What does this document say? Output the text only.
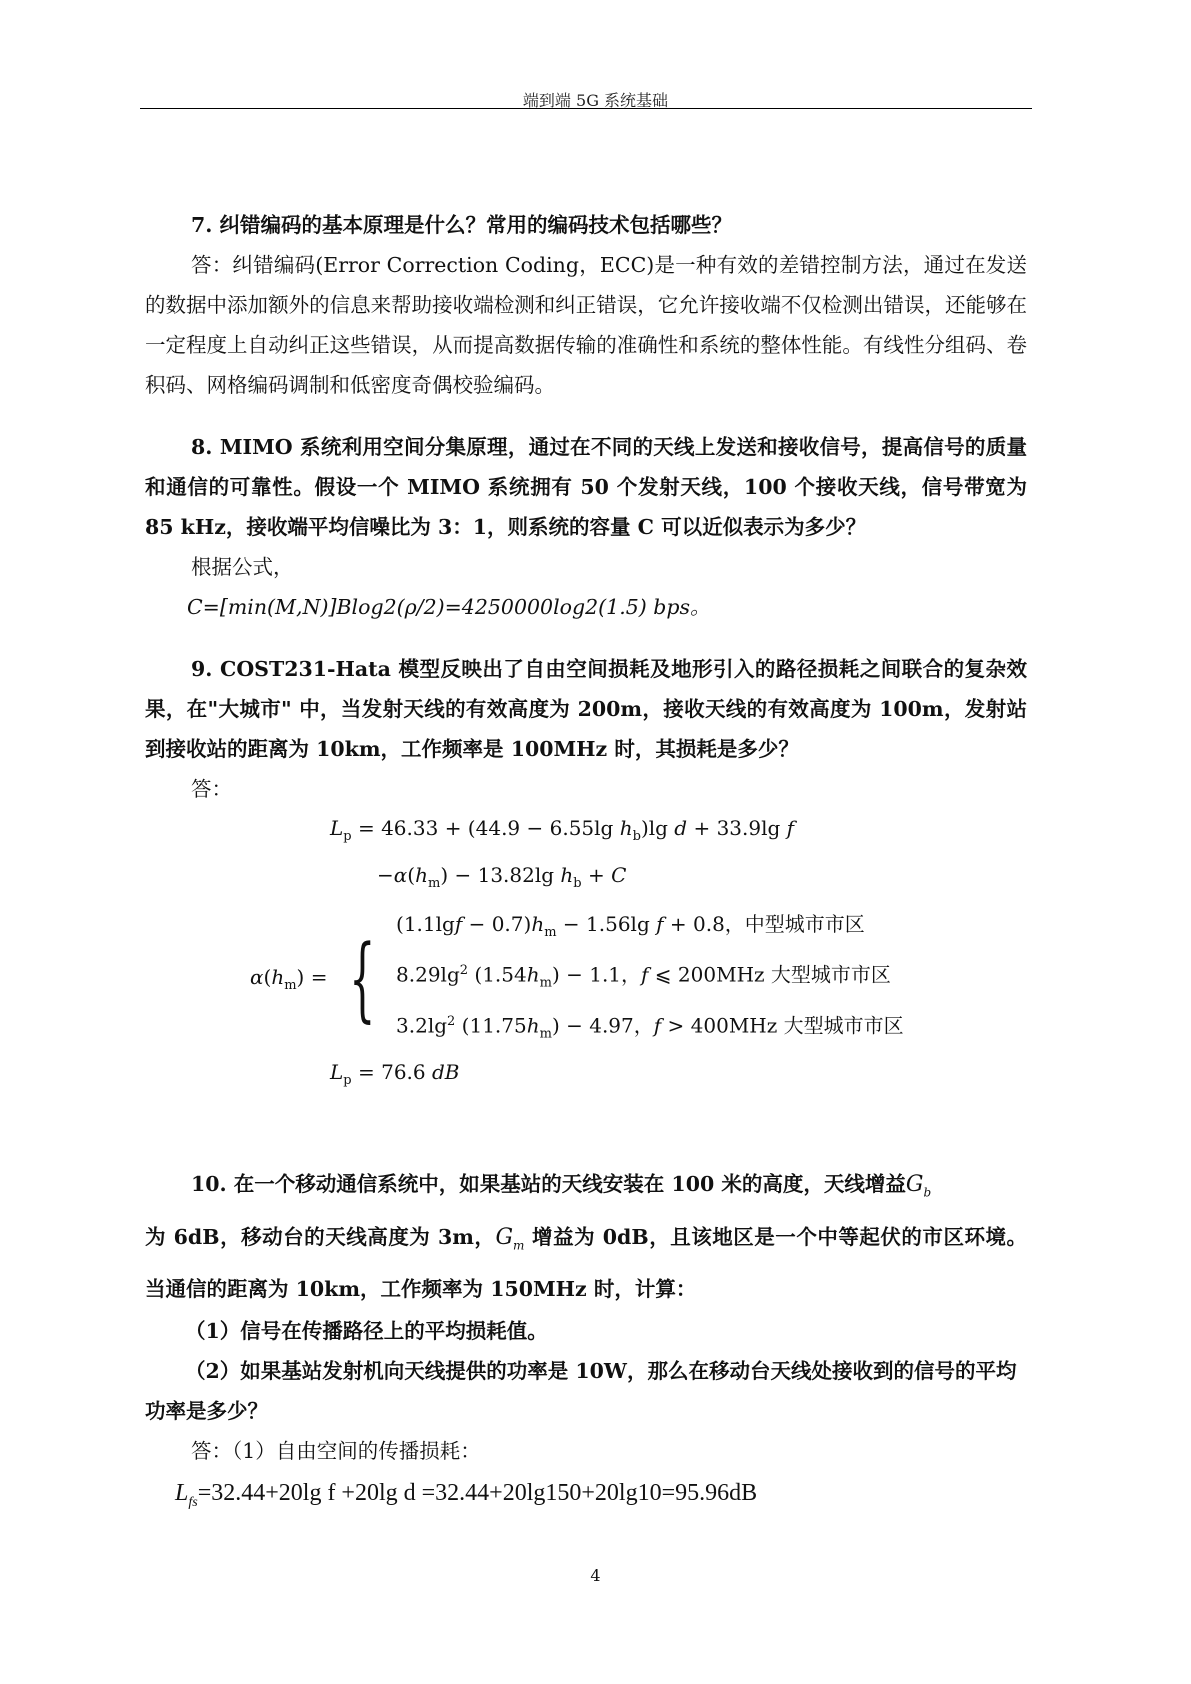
端到端 5G 系统基础

7. 纠错编码的基本原理是什么？常用的编码技术包括哪些？

答：纠错编码(Error Correction Coding，ECC)是一种有效的差错控制方法，通过在发送的数据中添加额外的信息来帮助接收端检测和纠正错误，它允许接收端不仅检测出错误，还能够在一定程度上自动纠正这些错误，从而提高数据传输的准确性和系统的整体性能。有线性分组码、卷积码、网格编码调制和低密度奇偶校验编码。

8. MIMO 系统利用空间分集原理，通过在不同的天线上发送和接收信号，提高信号的质量和通信的可靠性。假设一个 MIMO 系统拥有 50 个发射天线，100 个接收天线，信号带宽为 85 kHz，接收端平均信噪比为 3：1，则系统的容量 C 可以近似表示为多少？

根据公式，

C=[min(M,N)]Blog2(ρ/2)=4250000log2(1.5) bps。

9. COST231-Hata 模型反映出了自由空间损耗及地形引入的路径损耗之间联合的复杂效果，在"大城市" 中，当发射天线的有效高度为 200m，接收天线的有效高度为 100m，发射站到接收站的距离为 10km，工作频率是 100MHz 时，其损耗是多少？

答：

$L_p = 46.33 + (44.9 - 6.55\lg$ $h_b)\lg$ d + 33.9lg f
$-\alpha(h_m) - 13.82\lg$ $h_b + C$
$\alpha(h_m)$ = {
$(1.1\lg f - 0.7)h_m - 1.56\lg$ f + 0.8，中型城市市区
$8.29\lg^2$ $(1.54h_m) - 1.1$，f ⩽ 200MHz 大型城市市区
$3.2\lg^2$ $(11.75h_m) - 4.97$，f > 400MHz 大型城市市区
$L_p = 76.6$ dB

10. 在一个移动通信系统中，如果基站的天线安装在 100 米的高度，天线增益$G_b$

为 6dB，移动台的天线高度为 3m，$G_m$ 增益为 0dB，且该地区是一个中等起伏的市区环境。当通信的距离为 10km，工作频率为 150MHz 时，计算：

（1）信号在传播路径上的平均损耗值。

（2）如果基站发射机向天线提供的功率是 10W，那么在移动台天线处接收到的信号的平均功率是多少？

答：（1）自由空间的传播损耗：

$L_{fs}=32.44+20\lg$ f +20lg d =32.44+20lg150+20lg10=95.96dB

4
